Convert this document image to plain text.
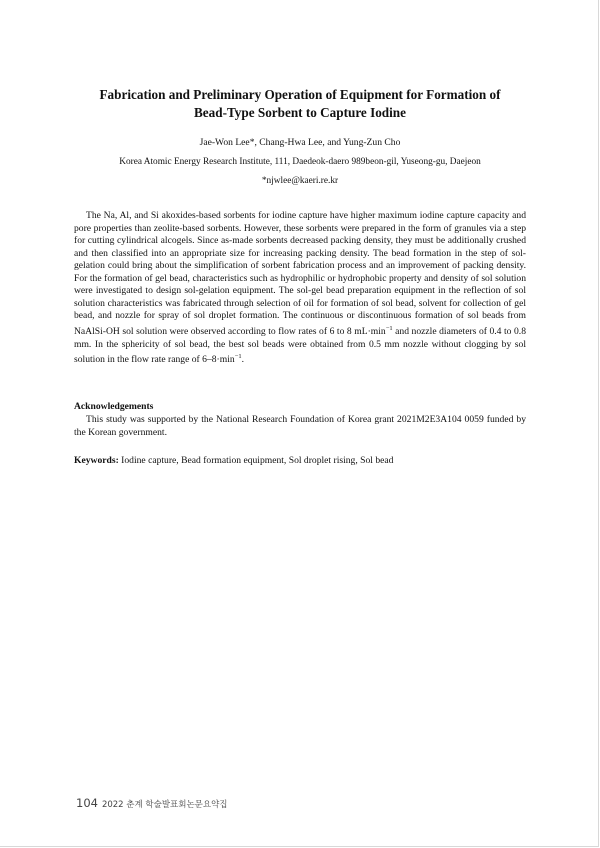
Fabrication and Preliminary Operation of Equipment for Formation of
Bead-Type Sorbent to Capture Iodine
Jae-Won Lee*, Chang-Hwa Lee, and Yung-Zun Cho
Korea Atomic Energy Research Institute, 111, Daedeok-daero 989beon-gil, Yuseong-gu, Daejeon
*njwlee@kaeri.re.kr

The Na, Al, and Si akoxides-based sorbents for iodine capture have higher maximum iodine capture capacity and pore properties than zeolite-based sorbents. However, these sorbents were prepared in the form of granules via a step for cutting cylindrical alcogels. Since as-made sorbents decreased packing density, they must be additionally crushed and then classified into an appropriate size for increasing packing density. The bead formation in the step of sol-gelation could bring about the simplification of sorbent fabrication process and an improvement of packing density. For the formation of gel bead, characteristics such as hydrophilic or hydrophobic property and density of sol solution were investigated to design sol-gelation equipment. The sol-gel bead preparation equipment in the reflection of sol solution characteristics was fabricated through selection of oil for formation of sol bead, solvent for collection of gel bead, and nozzle for spray of sol droplet formation. The continuous or discontinuous formation of sol beads from NaAlSi-OH sol solution were observed according to flow rates of 6 to 8 $mL\cdot\min^{-1}$ and nozzle diameters of 0.4 to 0.8 mm. In the sphericity of sol bead, the best sol beads were obtained from 0.5 mm nozzle without clogging by sol solution in the flow rate range of $6-8\cdot\min^{-1}$.

Acknowledgements

This study was supported by the National Research Foundation of Korea grant 2021M2E3A104 0059 funded by the Korean government.

Keywords: Iodine capture, Bead formation equipment, Sol droplet rising, Sol bead
104 2022 춘계 학술발표회논문요약집
